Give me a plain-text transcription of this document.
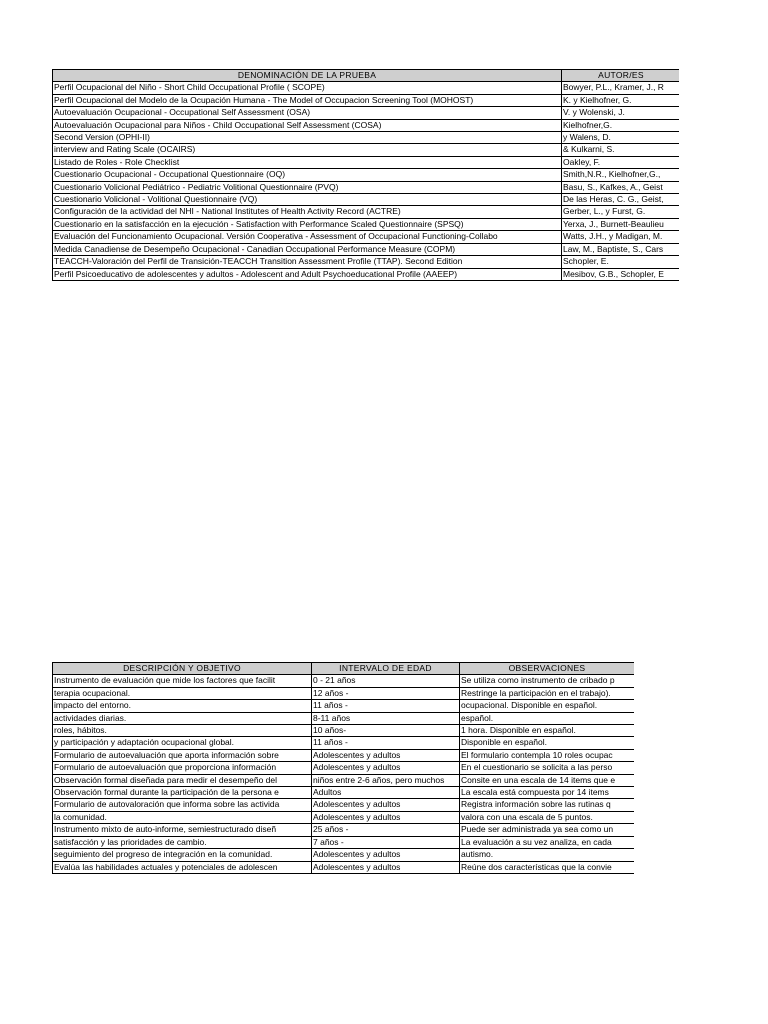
DENOMINACIÓN DE LA PRUEBA	AUTOR/ES
Perfil Ocupacional del Niño - Short Child Occupational Profile ( SCOPE)	Bowyer, P.L., Kramer, J., R
Perfil Ocupacional del Modelo de la Ocupación Humana - The Model of Occupacion Screening Tool (MOHOST)	K. y Kielhofner, G.
Autoevaluación Ocupacional - Occupational Self Assessment (OSA)	V. y Wolenski, J.
Autoevaluación Ocupacional para Niños - Child Occupational Self Assessment (COSA)	Kielhofner,G.
Second Version (OPHI-II)	y Walens, D.
interview and Rating Scale (OCAIRS)	& Kulkarni, S.
Listado de Roles - Role Checklist	Oakley, F.
Cuestionario Ocupacional - Occupational Questionnaire (OQ)	Smith,N.R., Kielhofner,G.,
Cuestionario Volicional Pediátrico - Pediatric Volitional Questionnaire (PVQ)	Basu, S., Kafkes, A., Geist
Cuestionario Volicional - Volitional Questionnaire (VQ)	De las Heras, C. G., Geist,
Configuración de la actividad del NHI - National Institutes of Health Activity Record (ACTRE)	Gerber, L., y Furst, G.
Cuestionario en la satisfacción en la ejecución - Satisfaction with Performance Scaled Questionnaire (SPSQ)	Yerxa, J., Burnett-Beaulieu
Evaluación del Funcionamiento Ocupacional. Versión Cooperativa - Assessment of Occupacional Functioning-Collabo	Watts, J.H., y Madigan, M.
Medida Canadiense de Desempeño Ocupacional - Canadian Occupational Performance Measure (COPM)	Law, M., Baptiste, S., Cars
TEACCH-Valoración del Perfil de Transición-TEACCH Transition Assessment Profile (TTAP). Second Edition	Schopler, E.
Perfil Psicoeducativo de adolescentes y adultos - Adolescent and Adult Psychoeducational Profile (AAEEP)	Mesibov, G.B., Schopler, E
DESCRIPCIÓN Y OBJETIVO	INTERVALO DE EDAD	OBSERVACIONES
Instrumento de evaluación que mide los factores que facilit	0 - 21 años	Se utiliza como instrumento de cribado p
terapia ocupacional.	12 años -	Restringe la participación en el trabajo).
impacto del entorno.	11 años -	ocupacional. Disponible en español.
actividades diarias.	8-11 años	español.
roles, hábitos.	10 años-	1 hora. Disponible en español.
y participación y adaptación ocupacional global.	11 años -	Disponible en español.
Formulario de autoevaluación que aporta información sobre	Adolescentes y adultos	El formulario contempla 10 roles ocupac
Formulario de autoevaluación que proporciona información	Adolescentes y adultos	En el cuestionario se solicita a las perso
Observación formal diseñada para medir el desempeño del	niños entre 2-6 años, pero muchos	Consite en una escala de 14 items que e
Observación formal durante la participación de la persona e	Adultos	La escala está compuesta por 14 items
Formulario de autovaloración que informa sobre las activida	Adolescentes y adultos	Registra información sobre las rutinas q
la comunidad.	Adolescentes y adultos	valora con una escala de 5 puntos.
Instrumento mixto de auto-informe, semiestructurado diseñ	25 años -	Puede ser administrada ya sea como un
satisfacción y las prioridades de cambio.	7 años -	La evaluación a su vez analiza, en cada
seguimiento del progreso de integración en la comunidad.	Adolescentes y adultos	autismo.
Evalúa las habilidades actuales y potenciales de adolescen	Adolescentes y adultos	Reúne dos características que la convie
